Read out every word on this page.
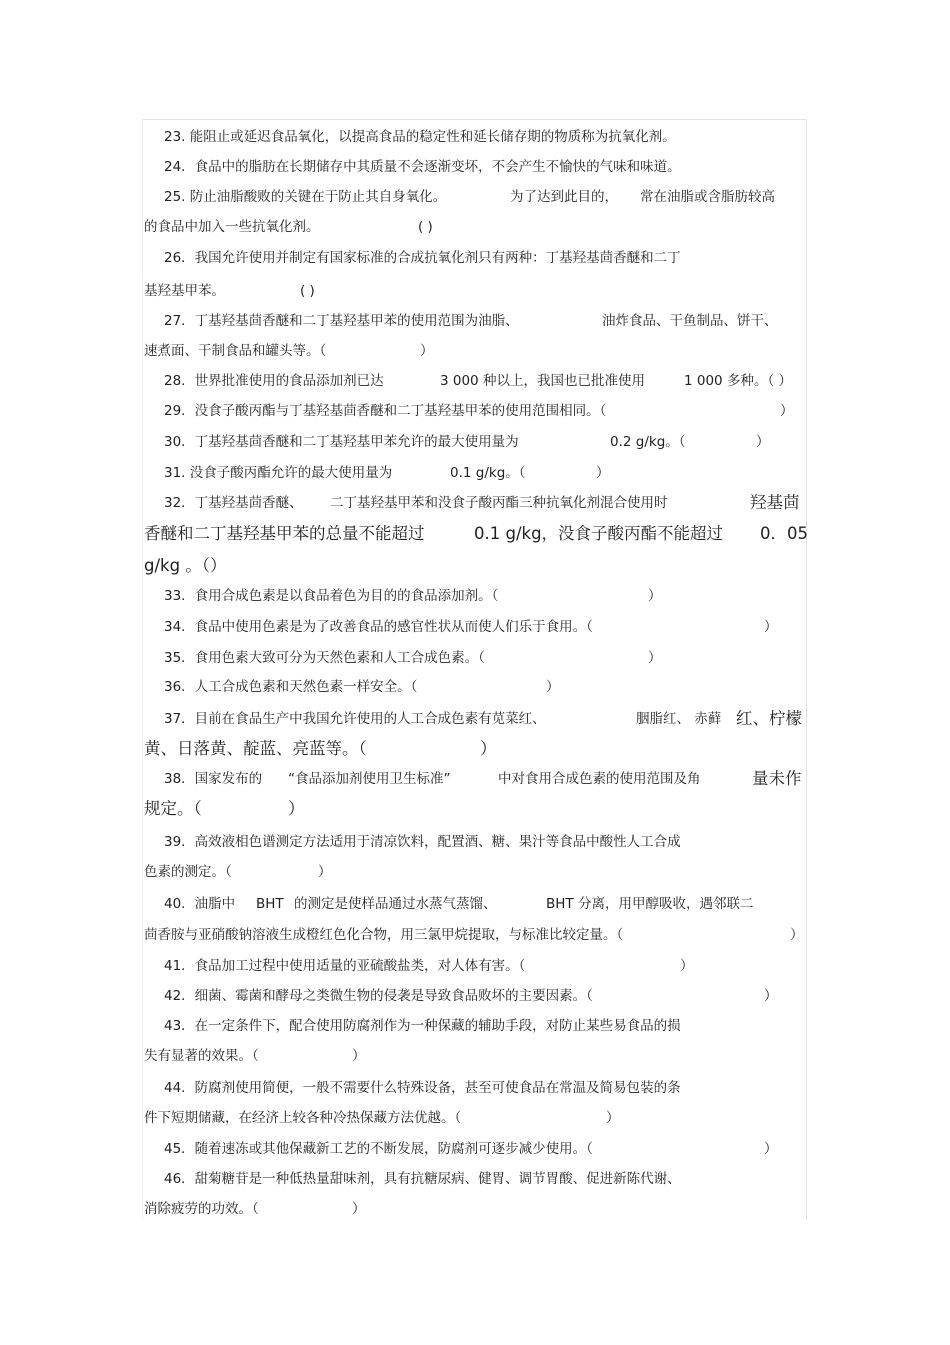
23. 能阻止或延迟食品氧化，以提高食品的稳定性和延长储存期的物质称为抗氧化剂。
24．食品中的脂肪在长期储存中其质量不会逐渐变坏，不会产生不愉快的气味和味道。
25. 防止油脂酸败的关键在于防止其自身氧化。	为了达到此目的， 常在油脂或含脂肪较高
的食品中加入一些抗氧化剂。	( )
26．我国允许使用并制定有国家标准的合成抗氧化剂只有两种：丁基羟基茴香醚和二丁
基羟基甲苯。	( )
27．丁基羟基茴香醚和二丁基羟基甲苯的使用范围为油脂、	油炸食品、干鱼制品、饼干、
速煮面、干制食品和罐头等。（	）
28．世界批准使用的食品添加剂已达	3 000 种以上，我国也已批准使用	1 000 多种。（ ）
29．没食子酸丙酯与丁基羟基茴香醚和二丁基羟基甲苯的使用范围相同。（	）
30．丁基羟基茴香醚和二丁基羟基甲苯允许的最大使用量为	0.2 g/kg。（	）
31. 没食子酸丙酯允许的最大使用量为	0.1 g/kg。（	）
32．丁基羟基茴香醚、 二丁基羟基甲苯和没食子酸丙酯三种抗氧化剂混合使用时	羟基茴
香醚和二丁基羟基甲苯的总量不能超过	0.1 g/kg，没食子酸丙酯不能超过 0．05
g/kg 。（）
33．食用合成色素是以食品着色为目的的食品添加剂。（	）
34．食品中使用色素是为了改善食品的感官性状从而使人们乐于食用。（	）
35．食用色素大致可分为天然色素和人工合成色素。（	）
36．人工合成色素和天然色素一样安全。（	）
37．目前在食品生产中我国允许使用的人工合成色素有苋菜红、	胭脂红、 赤藓 红、柠檬
黄、日落黄、靛蓝、亮蓝等。（	）
38．国家发布的 “食品添加剂使用卫生标准”	中对食用合成色素的使用范围及角	量未作
规定。（	）
39．高效液相色谱测定方法适用于清凉饮料，配置酒、糖、果汁等食品中酸性人工合成
色素的测定。（	）
40．油脂中 BHT 的测定是使样品通过水蒸气蒸馏、	BHT 分离，用甲醇吸收，遇邻联二
茴香胺与亚硝酸钠溶液生成橙红色化合物，用三氯甲烷提取，与标准比较定量。（	）
41．食品加工过程中使用适量的亚硫酸盐类，对人体有害。（	）
42．细菌、霉菌和酵母之类微生物的侵袭是导致食品败坏的主要因素。（	）
43．在一定条件下，配合使用防腐剂作为一种保藏的辅助手段，对防止某些易食品的损
失有显著的效果。（	）
44．防腐剂使用简便，一般不需要什么特殊设备，甚至可使食品在常温及简易包装的条
件下短期储藏，在经济上较各种冷热保藏方法优越。（	）
45．随着速冻或其他保藏新工艺的不断发展，防腐剂可逐步减少使用。（	）
46．甜菊糖苷是一种低热量甜味剂，具有抗糖尿病、健胃、调节胃酸、促进新陈代谢、
消除疲劳的功效。（	）
